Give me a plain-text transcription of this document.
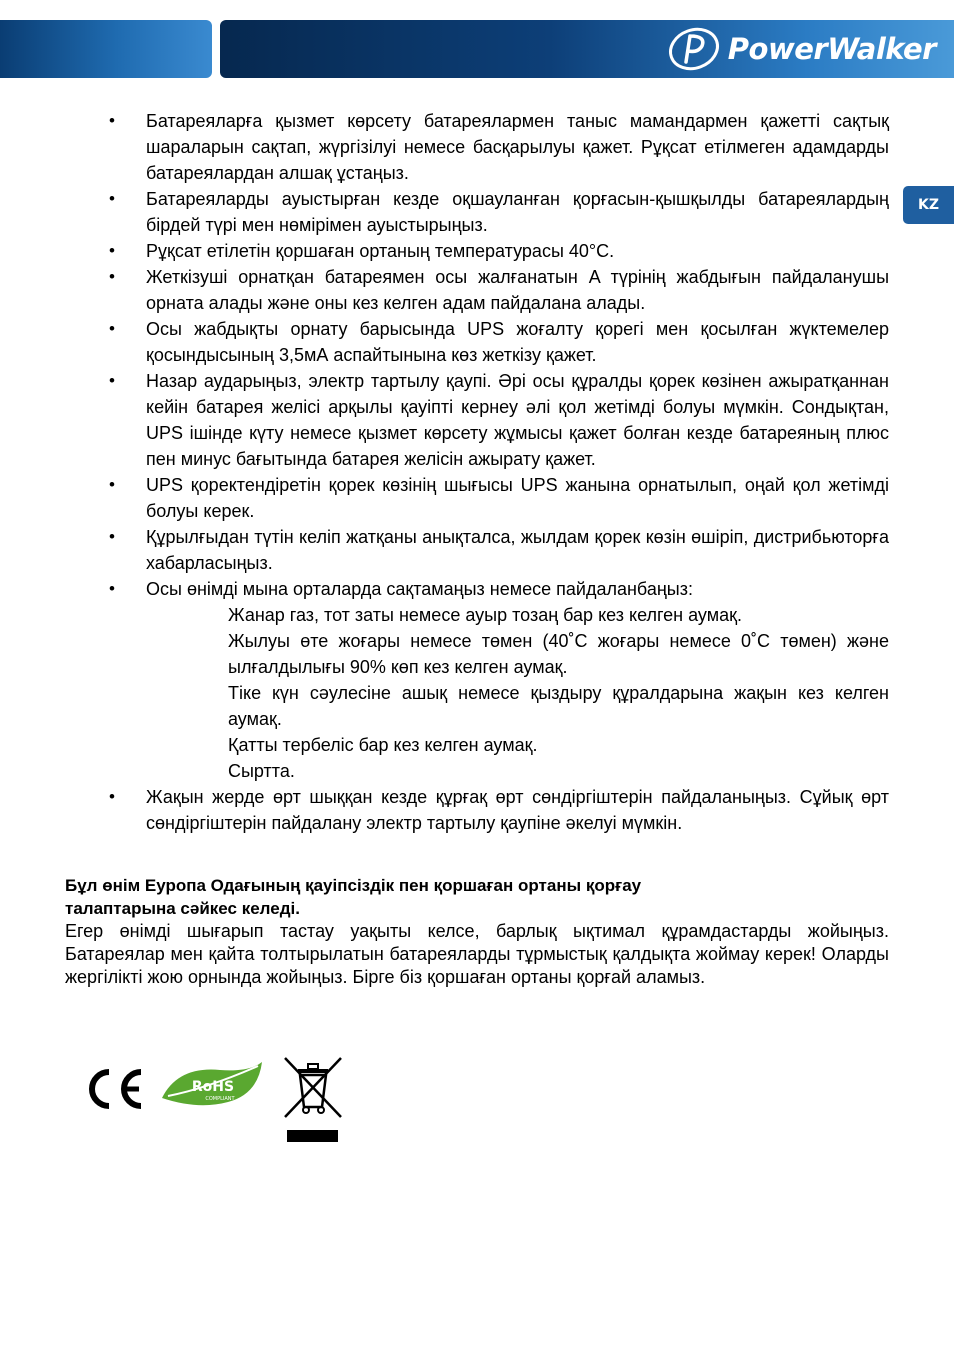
PowerWalker
KZ
• Батареяларға қызмет көрсету батареялармен таныс мамандармен қажетті сақтық шараларын сақтап, жүргізілуі немесе басқарылуы қажет. Рұқсат етілмеген адамдарды батареялардан алшақ ұстаңыз.
• Батареяларды ауыстырған кезде оқшауланған қорғасын-қышқылды батареялардың бірдей түрі мен нөмірімен ауыстырыңыз.
• Рұқсат етілетін қоршаған ортаның температурасы 40°C.
• Жеткізуші орнатқан батареямен осы жалғанатын A түрінің жабдығын пайдаланушы орната алады және оны кез келген адам пайдалана алады.
• Осы жабдықты орнату барысында UPS жоғалту қорегі мен қосылған жүктемелер қосындысының 3,5мА аспайтынына көз жеткізу қажет.
• Назар аударыңыз, электр тартылу қаупі. Әрі осы құралды қорек көзінен ажыратқаннан кейін батарея желісі арқылы қауіпті кернеу әлі қол жетімді болуы мүмкін. Сондықтан, UPS ішінде күту немесе қызмет көрсету жұмысы қажет болған кезде батареяның плюс пен минус бағытында батарея желісін ажырату қажет.
• UPS қоректендіретін қорек көзінің шығысы UPS жанына орнатылып, оңай қол жетімді болуы керек.
• Құрылғыдан түтін келіп жатқаны анықталса, жылдам қорек көзін өшіріп, дистрибьюторға хабарласыңыз.
• Осы өнімді мына орталарда сақтамаңыз немесе пайдаланбаңыз:
Жанар газ, тот заты немесе ауыр тозаң бар кез келген аумақ.
Жылуы өте жоғары немесе төмен (40˚C жоғары немесе 0˚C төмен) және ылғалдылығы 90% көп кез келген аумақ.
Тіке күн сәулесіне ашық немесе қыздыру құралдарына жақын кез келген аумақ.
Қатты тербеліс бар кез келген аумақ.
Сыртта.
• Жақын жерде өрт шыққан кезде құрғақ өрт сөндіргіштерін пайдаланыңыз. Сұйық өрт сөндіргіштерін пайдалану электр тартылу қаупіне әкелуі мүмкін.
Бұл өнім Еуропа Одағының қауіпсіздік пен қоршаған ортаны қорғау
талаптарына сәйкес келеді.
Егер өнімді шығарып тастау уақыты келсе, барлық ықтимал құрамдастарды жойыңыз. Батареялар мен қайта толтырылатын батареяларды тұрмыстық қалдықта жоймау керек! Оларды жергілікті жою орнында жойыңыз. Бірге біз қоршаған ортаны қорғай аламыз.
RoHS
COMPLIANT
